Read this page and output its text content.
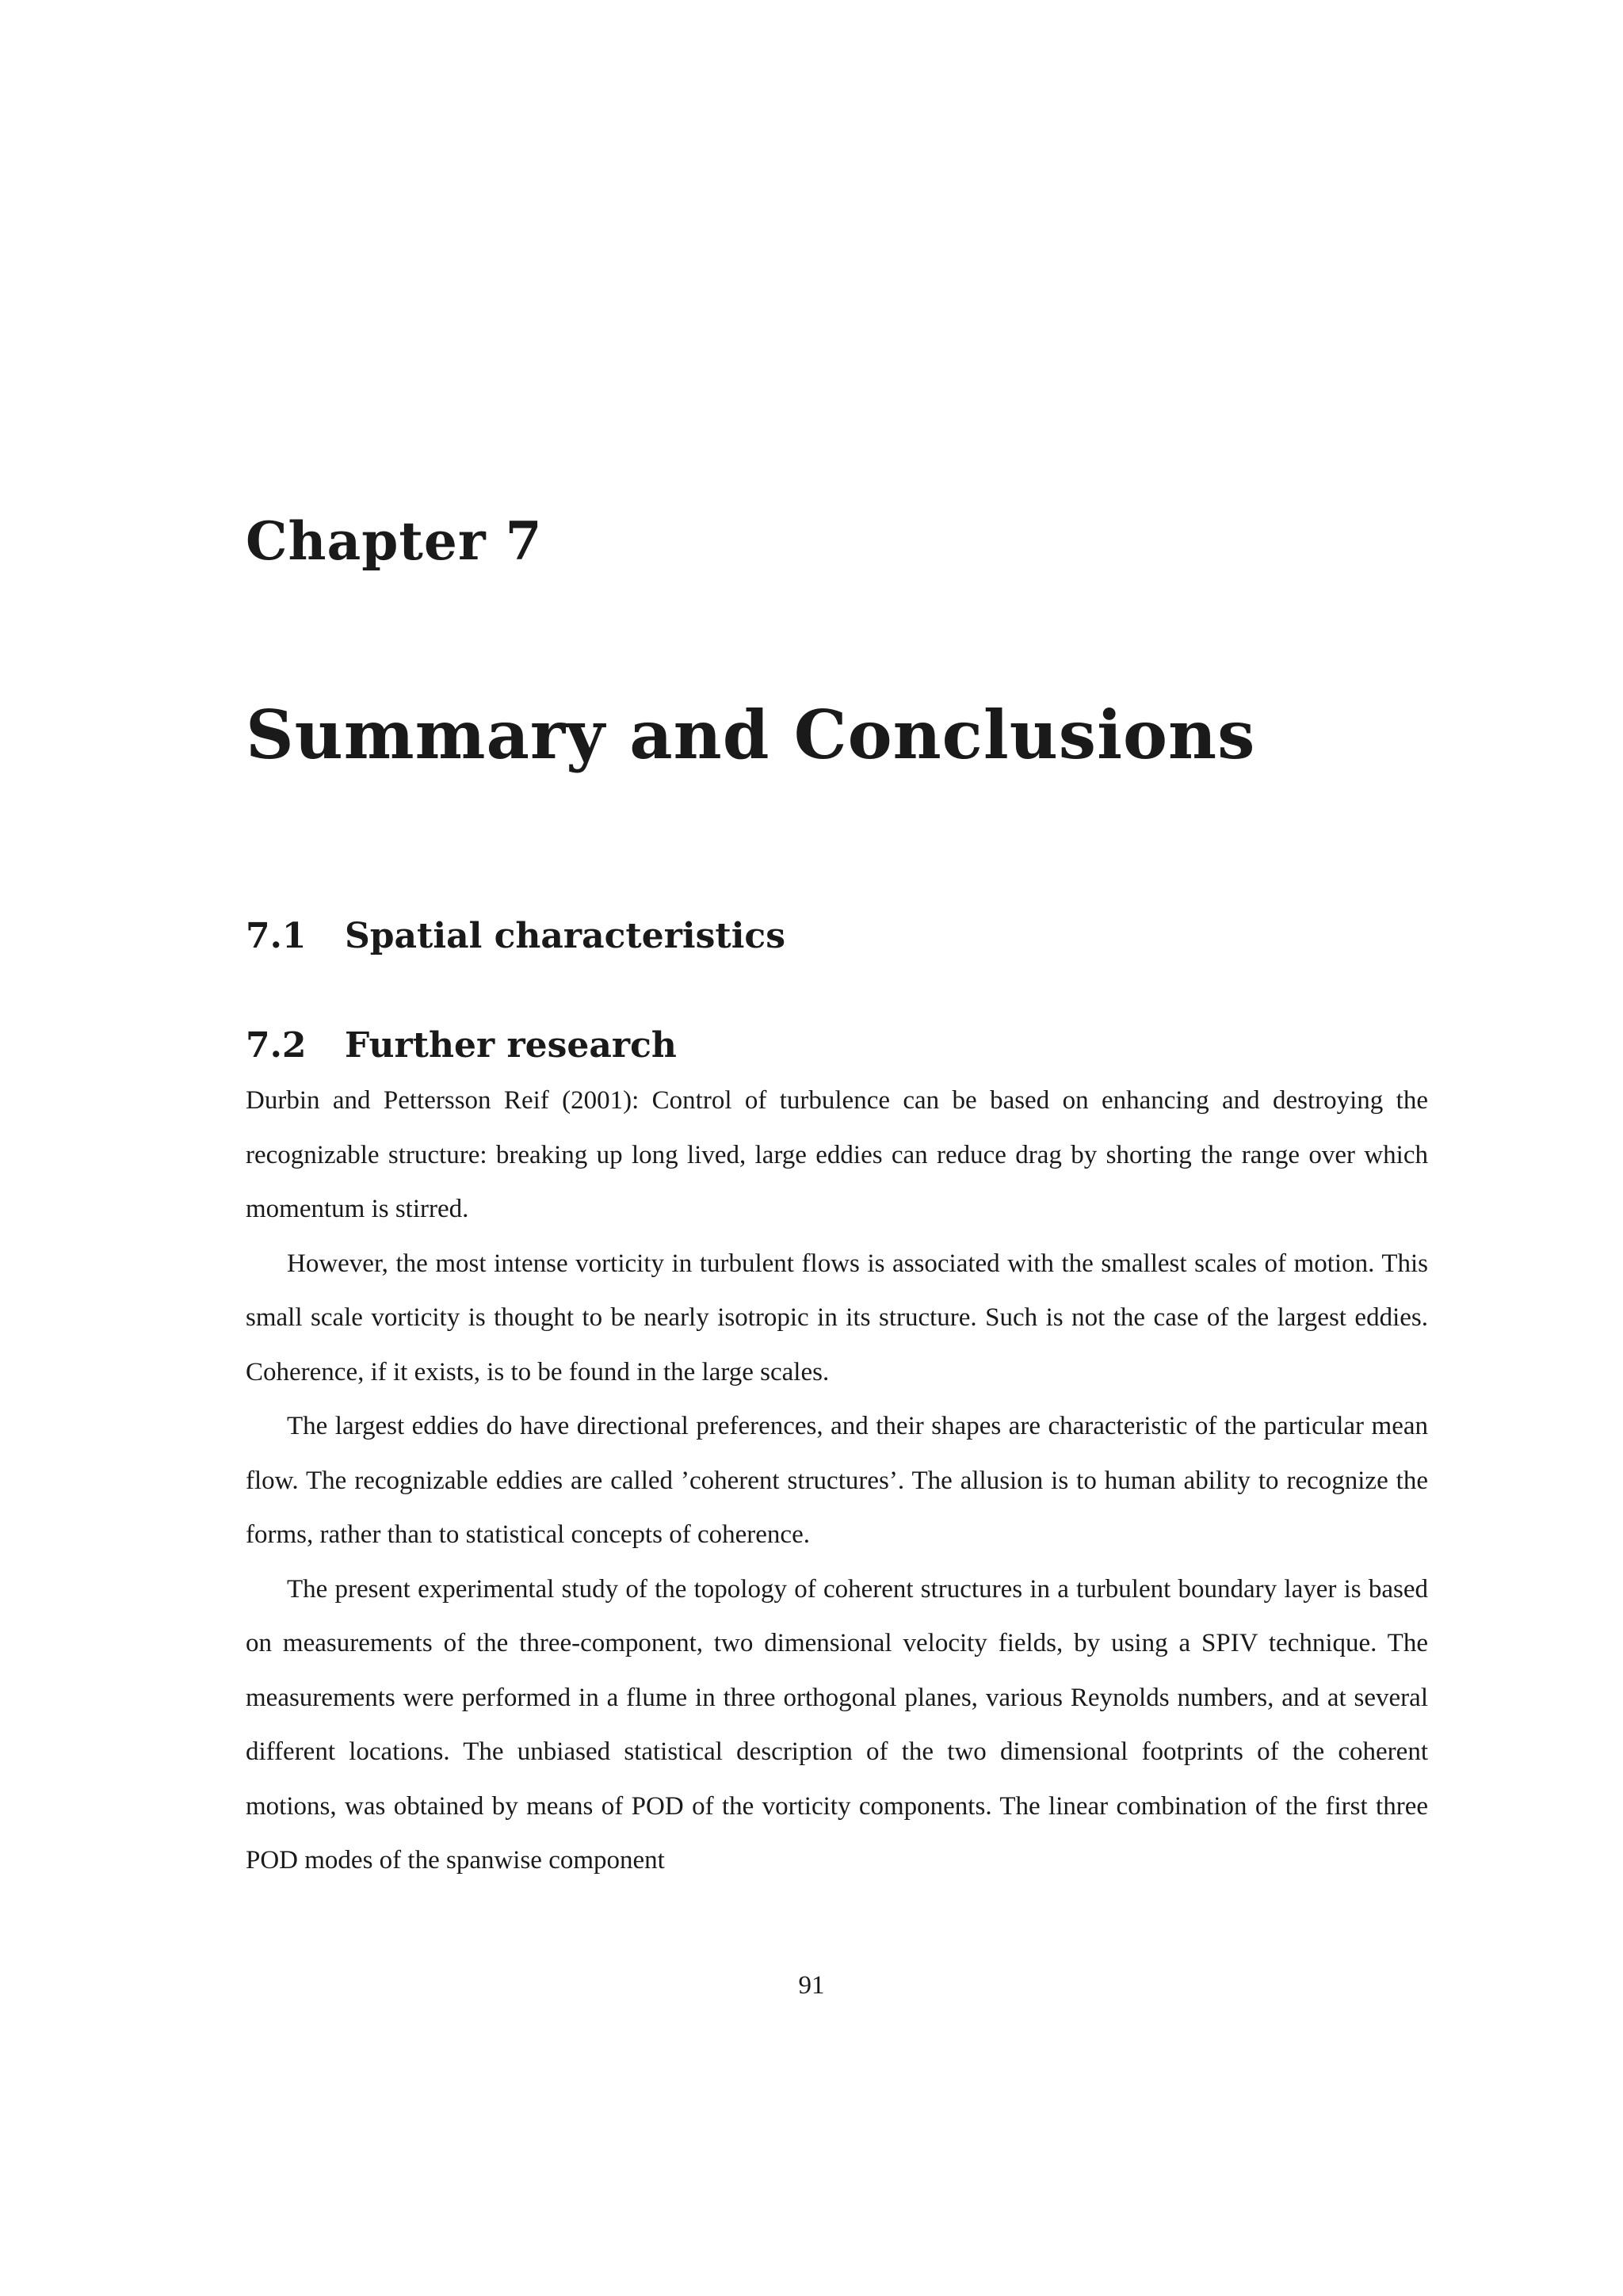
Chapter 7
Summary and Conclusions
7.1 Spatial characteristics
7.2 Further research

Durbin and Pettersson Reif (2001): Control of turbulence can be based on enhancing and destroying the recognizable structure: breaking up long lived, large eddies can reduce drag by shorting the range over which momentum is stirred.

However, the most intense vorticity in turbulent flows is associated with the smallest scales of motion. This small scale vorticity is thought to be nearly isotropic in its structure. Such is not the case of the largest eddies. Coherence, if it exists, is to be found in the large scales.

The largest eddies do have directional preferences, and their shapes are characteristic of the particular mean flow. The recognizable eddies are called ’coherent structures’. The allusion is to human ability to recognize the forms, rather than to statistical concepts of coherence.

The present experimental study of the topology of coherent structures in a turbulent boundary layer is based on measurements of the three-component, two dimensional velocity fields, by using a SPIV technique. The measurements were performed in a flume in three orthogonal planes, various Reynolds numbers, and at several different locations. The unbiased statistical description of the two dimensional footprints of the coherent motions, was obtained by means of POD of the vorticity components. The linear combination of the first three POD modes of the spanwise component

91
